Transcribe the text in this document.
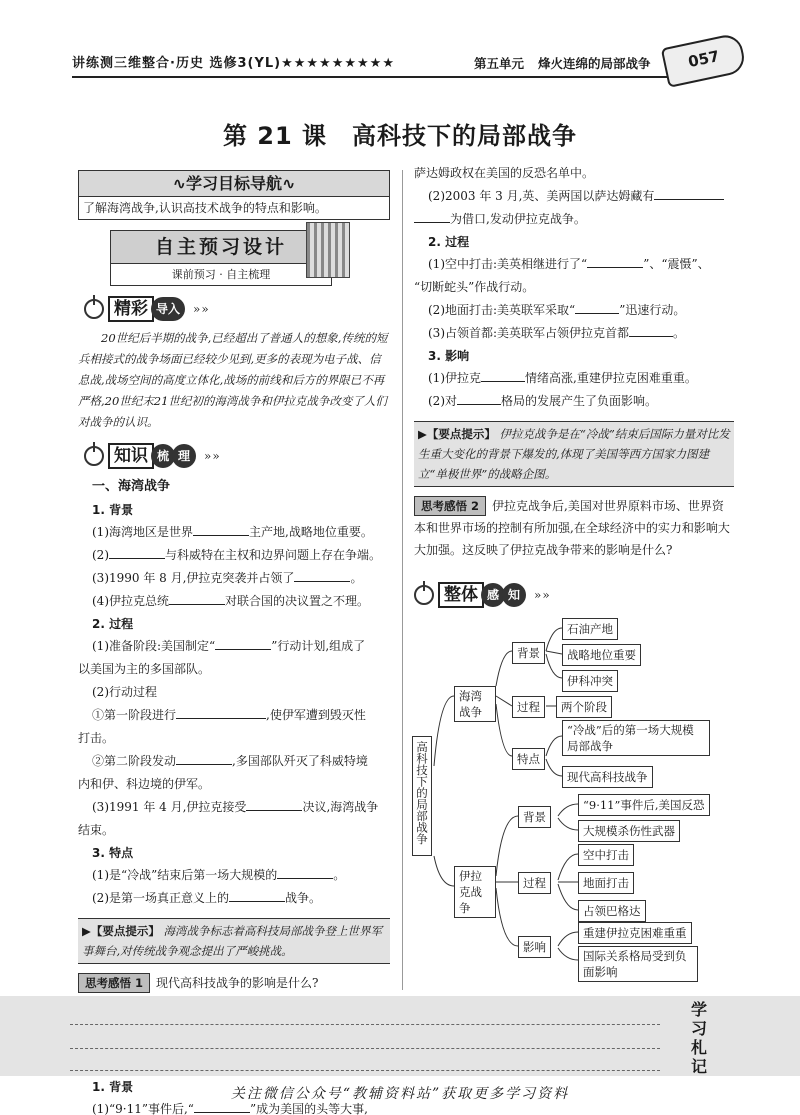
讲练测三维整合·历史 选修3(YL)★★★★★★★★★	第五单元 烽火连绵的局部战争	057
第 21 课　高科技下的局部战争
∿学习目标导航∿
了解海湾战争,认识高技术战争的特点和影响。
自主预习设计
课前预习 · 自主梳理
精彩 导入	»»

20世纪后半期的战争,已经超出了普通人的想象,传统的短兵相接式的战争场面已经较少见到,更多的表现为电子战、信息战,战场空间的高度立体化,战场的前线和后方的界限已不再严格,20世纪末21世纪初的海湾战争和伊拉克战争改变了人们对战争的认识。

知识 梳 理	»»
一、海湾战争
1. 背景
(1)海湾地区是世界	主产地,战略地位重要。
(2)	与科威特在主权和边界问题上存在争端。
(3)1990 年 8 月,伊拉克突袭并占领了	。
(4)伊拉克总统	对联合国的决议置之不理。
2. 过程
(1)准备阶段:美国制定“	”行动计划,组成了
以美国为主的多国部队。
(2)行动过程
①第一阶段进行	,使伊军遭到毁灭性
打击。
②第二阶段发动	,多国部队歼灭了科威特境
内和伊、科边境的伊军。
(3)1991 年 4 月,伊拉克接受	决议,海湾战争
结束。
3. 特点
(1)是“冷战”结束后第一场大规模的	。
(2)是第一场真正意义上的	战争。
▶【要点提示】 海湾战争标志着高科技局部战争登上世界军事舞台,对传统战争观念提出了严峻挑战。
思考感悟 1 现代高科技战争的影响是什么?
1. 背景
(1)“9·11”事件后,“	”成为美国的头等大事,
萨达姆政权在美国的反恐名单中。
(2)2003 年 3 月,英、美两国以萨达姆藏有
为借口,发动伊拉克战争。
2. 过程
(1)空中打击:美英相继进行了“	”、“震慑”、
“切断蛇头”作战行动。
(2)地面打击:美英联军采取“	”迅速行动。
(3)占领首都:美英联军占领伊拉克首都	。
3. 影响
(1)伊拉克	情绪高涨,重建伊拉克困难重重。
(2)对	格局的发展产生了负面影响。
▶【要点提示】 伊拉克战争是在“冷战”结束后国际力量对比发生重大变化的背景下爆发的,体现了美国等西方国家力图建立“单极世界”的战略企图。
思考感悟 2 伊拉克战争后,美国对世界原料市场、世界资本和世界市场的控制有所加强,在全球经济中的实力和影响大大加强。这反映了伊拉克战争带来的影响是什么?
整体 感 知	»»
高科技下的局部战争
海湾战争
背景
石油产地
战略地位重要
伊科冲突
过程	两个阶段
特点
“冷战”后的第一场大规模局部战争
现代高科技战争
伊拉克战争
背景
“9·11”事件后,美国反恐
大规模杀伤性武器
过程
空中打击
地面打击
占领巴格达
影响
重建伊拉克困难重重
国际关系格局受到负面影响
学习札记
关注微信公众号“教辅资料站”获取更多学习资料
